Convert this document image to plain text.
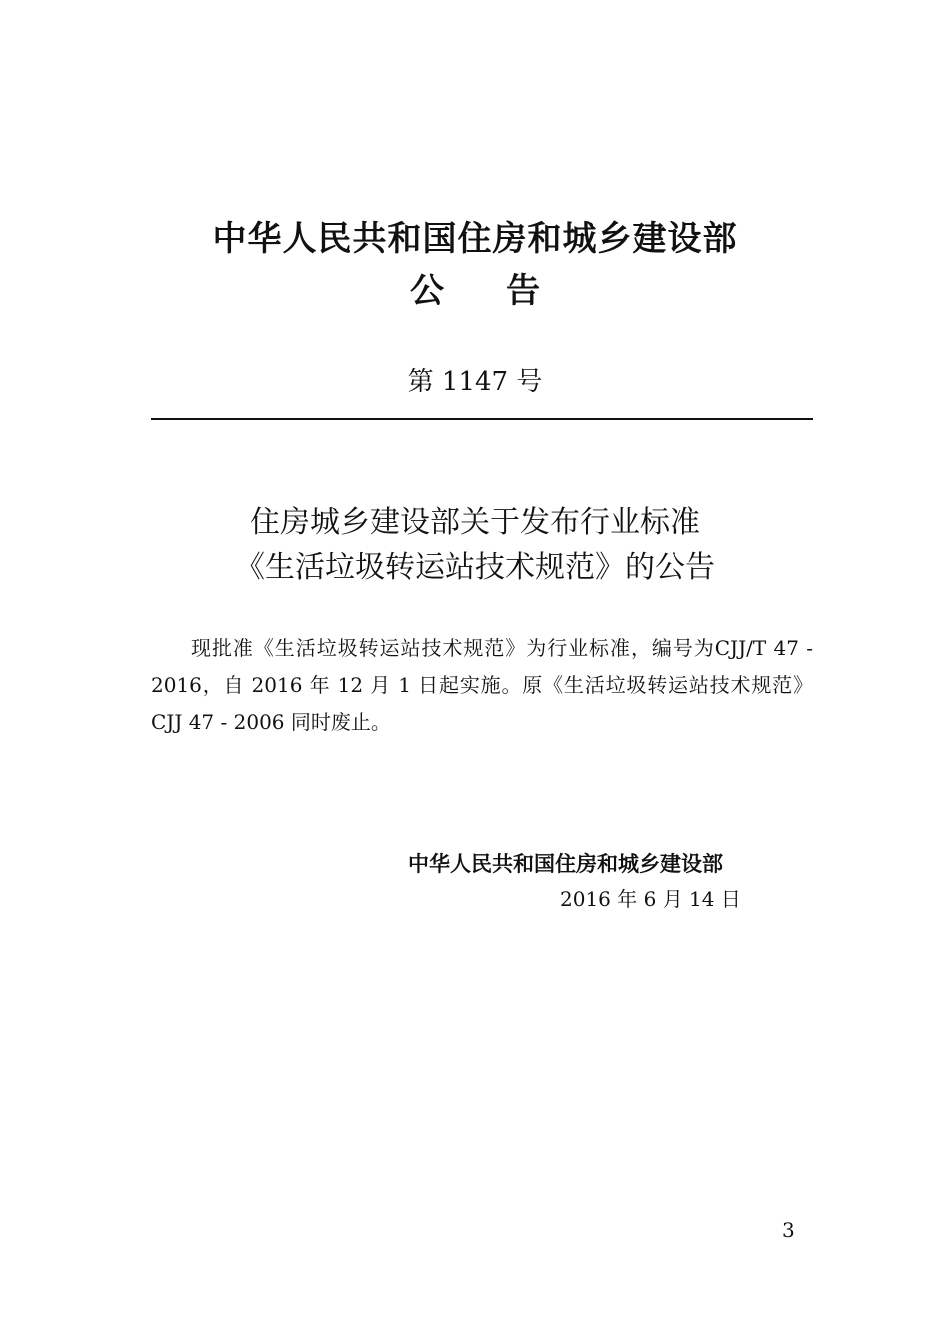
中华人民共和国住房和城乡建设部
公 告
第 1147 号
住房城乡建设部关于发布行业标准
《生活垃圾转运站技术规范》的公告

现批准《生活垃圾转运站技术规范》为行业标准，编号为CJJ/T 47 - 2016，自 2016 年 12 月 1 日起实施。原《生活垃圾转运站技术规范》CJJ 47 - 2006 同时废止。

中华人民共和国住房和城乡建设部
2016 年 6 月 14 日
3
